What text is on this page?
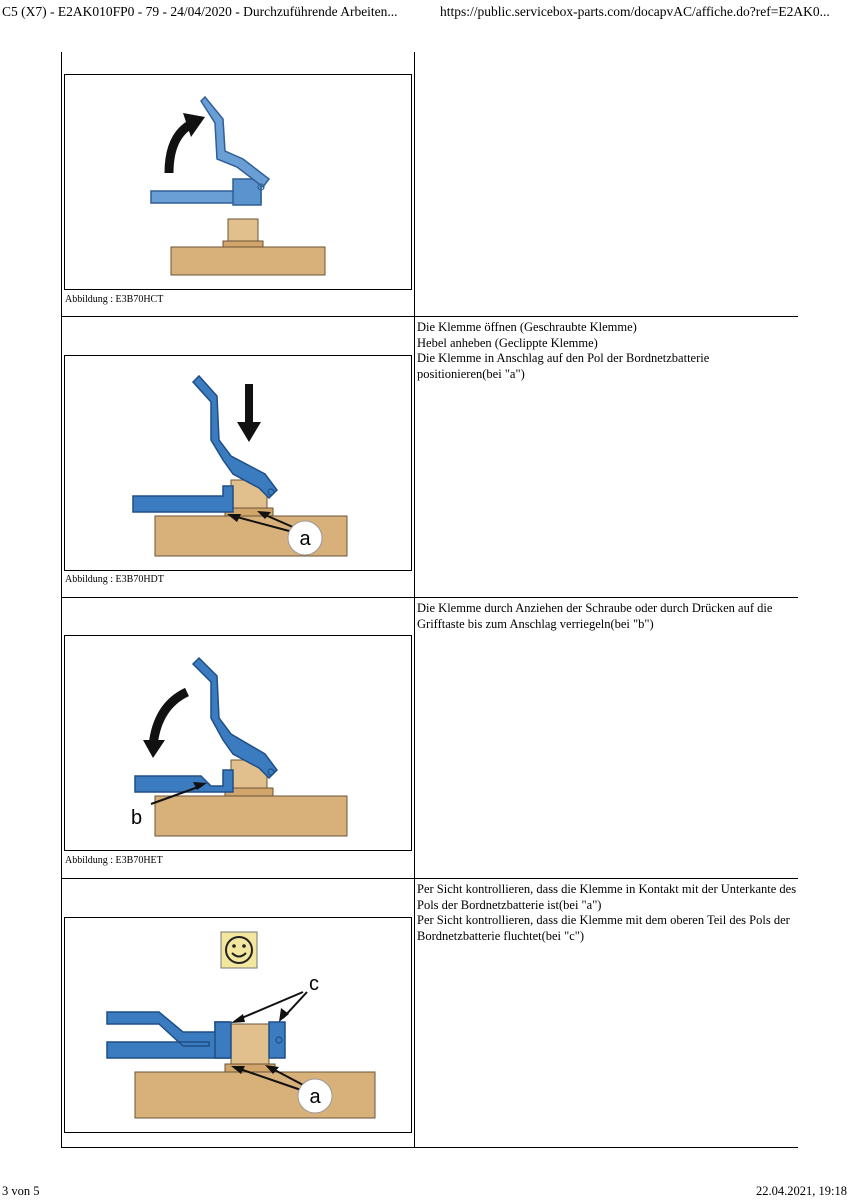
C5 (X7) - E2AK010FP0 - 79 - 24/04/2020 - Durchzuführende Arbeiten...	https://public.servicebox-parts.com/docapvAC/affiche.do?ref=E2AK0...
3 von 5	22.04.2021, 19:18
Abbildung : E3B70HCT
a
Abbildung : E3B70HDT
Die Klemme öffnen (Geschraubte Klemme)
Hebel anheben (Geclippte Klemme)
Die Klemme in Anschlag auf den Pol der Bordnetzbatterie positionieren(bei "a")
b
Abbildung : E3B70HET
Die Klemme durch Anziehen der Schraube oder durch Drücken auf die Grifftaste bis zum Anschlag verriegeln(bei "b")
c
a
Per Sicht kontrollieren, dass die Klemme in Kontakt mit der Unterkante des Pols der Bordnetzbatterie ist(bei "a")
Per Sicht kontrollieren, dass die Klemme mit dem oberen Teil des Pols der Bordnetzbatterie fluchtet(bei "c")
